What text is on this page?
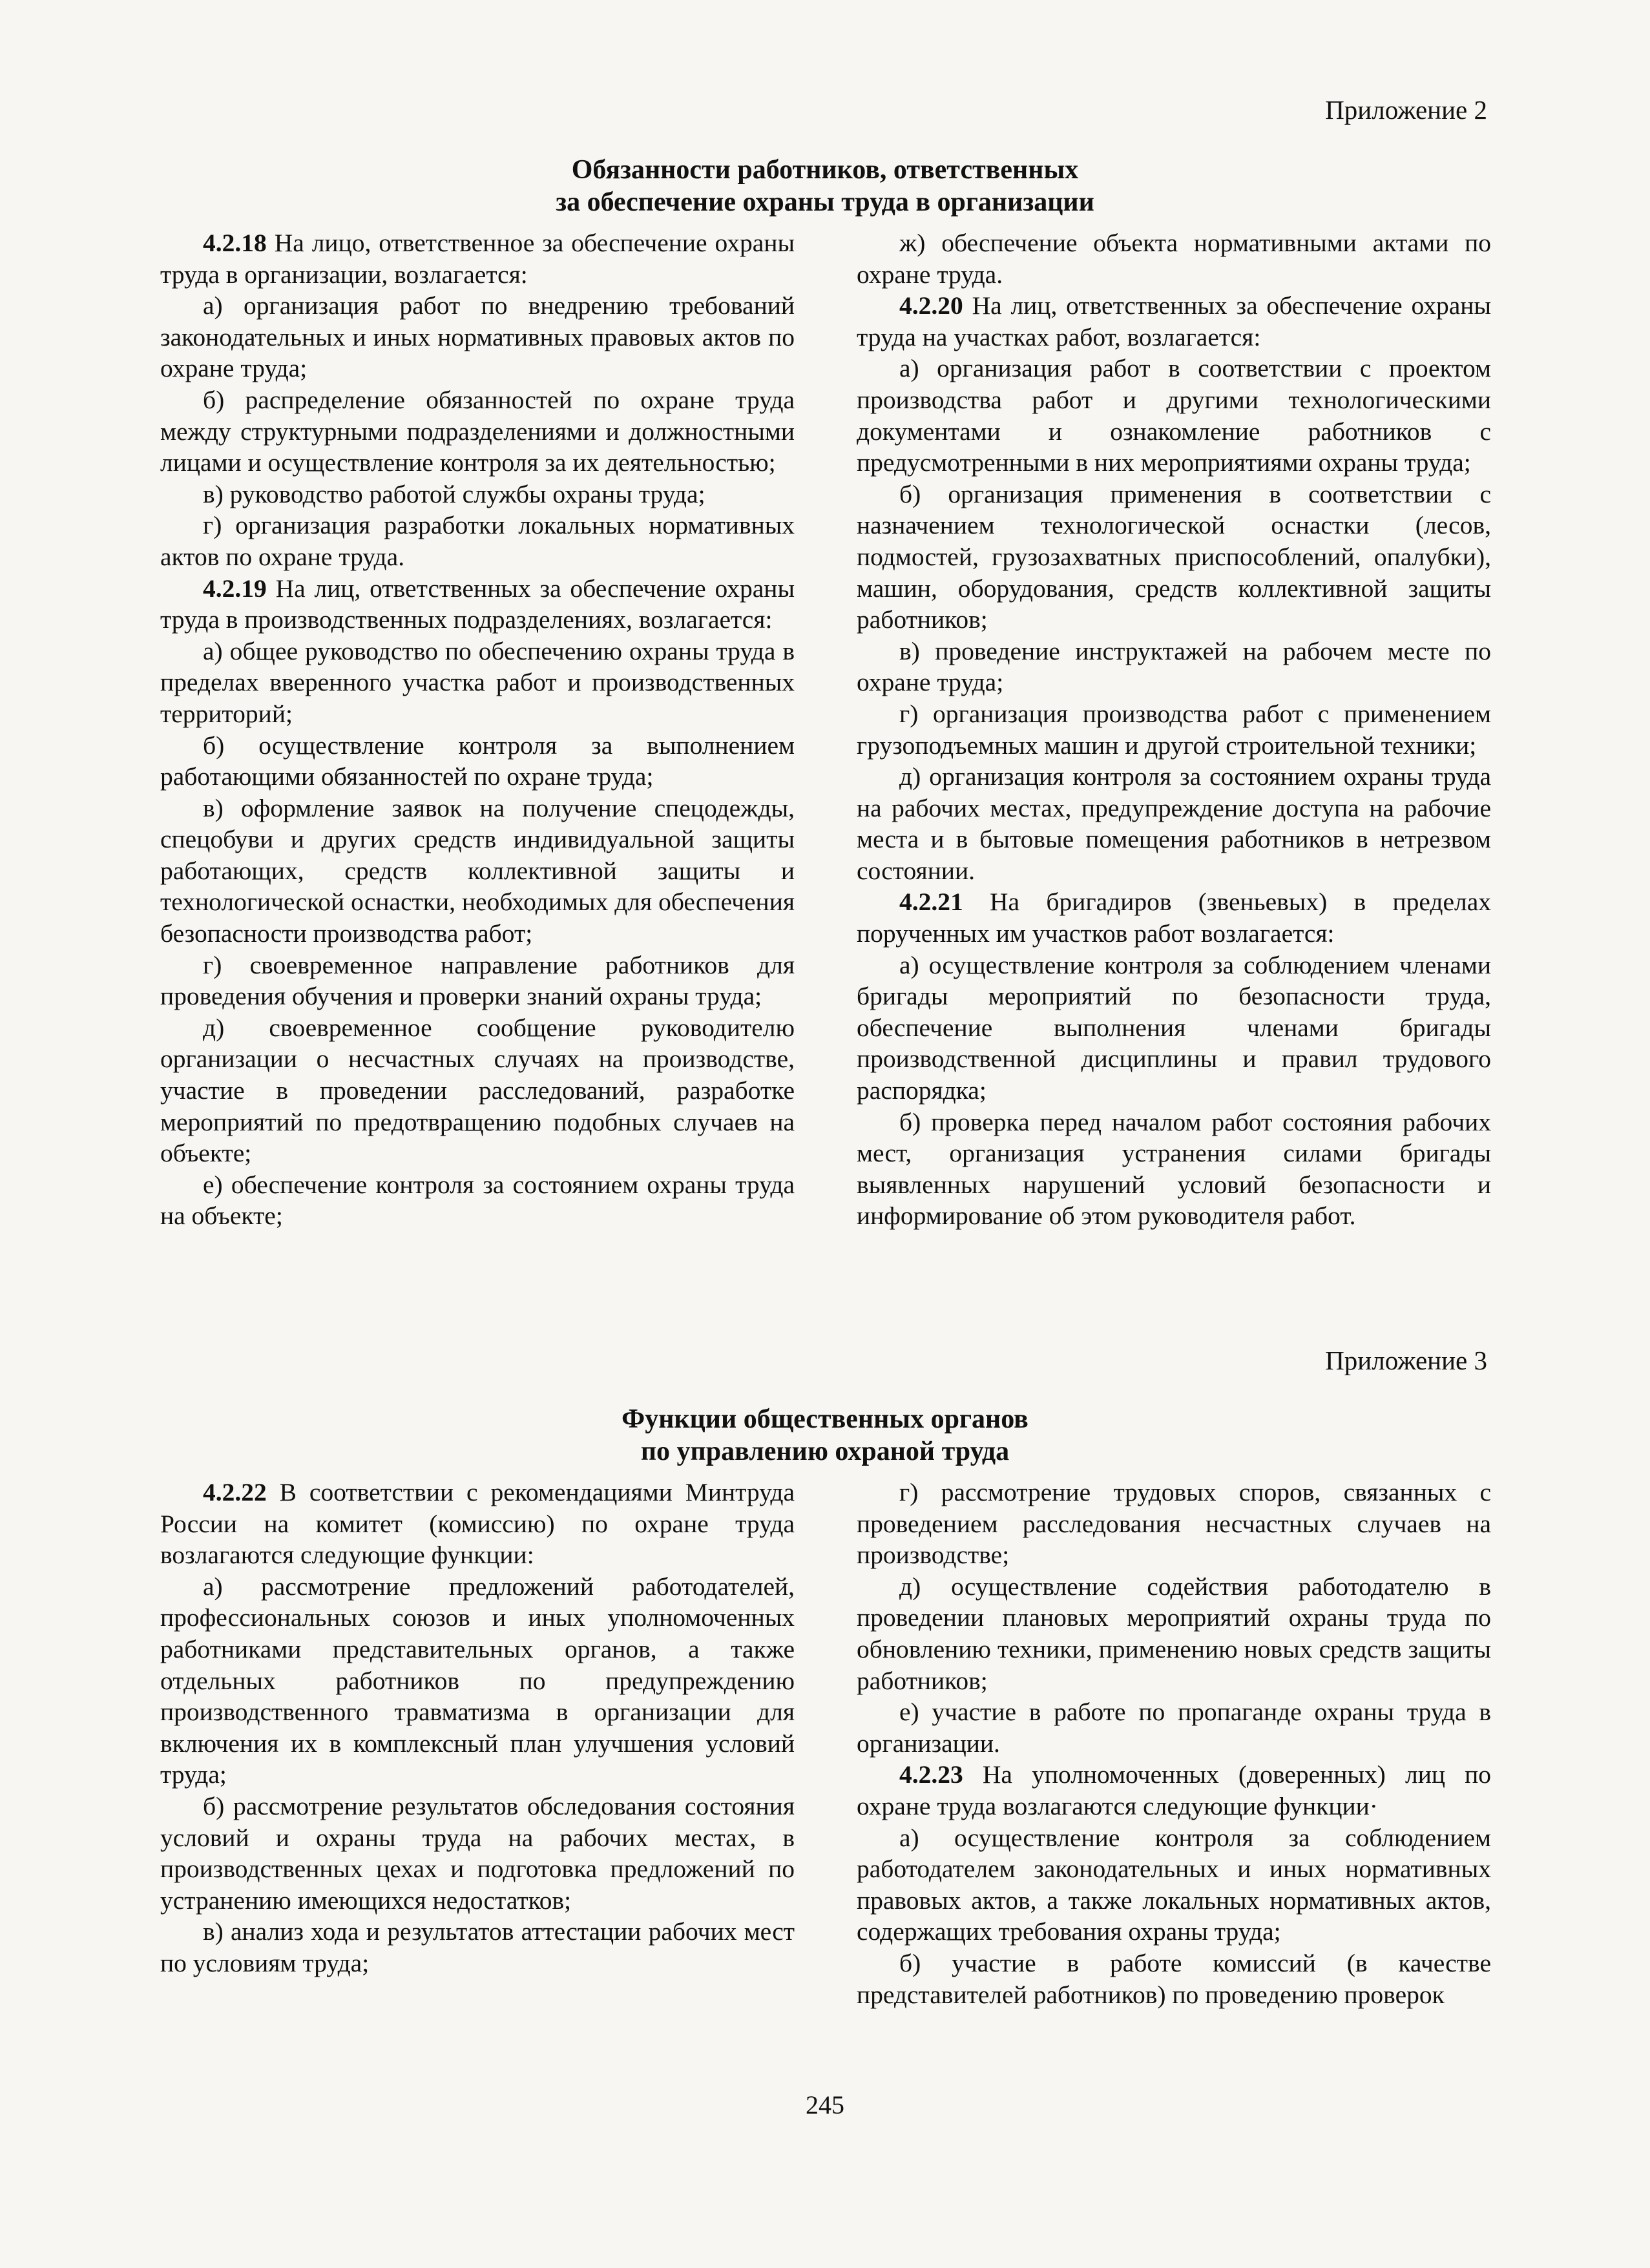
Приложение 2
Обязанности работников, ответственных
за обеспечение охраны труда в организации

4.2.18 На лицо, ответственное за обеспечение охраны труда в организации, возлагается:

а) организация работ по внедрению требований законодательных и иных нормативных правовых актов по охране труда;

б) распределение обязанностей по охране труда между структурными подразделениями и должностными лицами и осуществление контроля за их деятельностью;

в) руководство работой службы охраны труда;

г) организация разработки локальных нормативных актов по охране труда.

4.2.19 На лиц, ответственных за обеспечение охраны труда в производственных подразделениях, возлагается:

а) общее руководство по обеспечению охраны труда в пределах вверенного участка работ и производственных территорий;

б) осуществление контроля за выполнением работающими обязанностей по охране труда;

в) оформление заявок на получение спецодежды, спецобуви и других средств индивидуальной защиты работающих, средств коллективной защиты и технологической оснастки, необходимых для обеспечения безопасности производства работ;

г) своевременное направление работников для проведения обучения и проверки знаний охраны труда;

д) своевременное сообщение руководителю организации о несчастных случаях на производстве, участие в проведении расследований, разработке мероприятий по предотвращению подобных случаев на объекте;

е) обеспечение контроля за состоянием охраны труда на объекте;

ж) обеспечение объекта нормативными актами по охране труда.

4.2.20 На лиц, ответственных за обеспечение охраны труда на участках работ, возлагается:

а) организация работ в соответствии с проектом производства работ и другими технологическими документами и ознакомление работников с предусмотренными в них мероприятиями охраны труда;

б) организация применения в соответствии с назначением технологической оснастки (лесов, подмостей, грузозахватных приспособлений, опалубки), машин, оборудования, средств коллективной защиты работников;

в) проведение инструктажей на рабочем месте по охране труда;

г) организация производства работ с применением грузоподъемных машин и другой строительной техники;

д) организация контроля за состоянием охраны труда на рабочих местах, предупреждение доступа на рабочие места и в бытовые помещения работников в нетрезвом состоянии.

4.2.21 На бригадиров (звеньевых) в пределах порученных им участков работ возлагается:

а) осуществление контроля за соблюдением членами бригады мероприятий по безопасности труда, обеспечение выполнения членами бригады производственной дисциплины и правил трудового распорядка;

б) проверка перед началом работ состояния рабочих мест, организация устранения силами бригады выявленных нарушений условий безопасности и информирование об этом руководителя работ.

Приложение 3
Функции общественных органов
по управлению охраной труда

4.2.22 В соответствии с рекомендациями Минтруда России на комитет (комиссию) по охране труда возлагаются следующие функции:

а) рассмотрение предложений работодателей, профессиональных союзов и иных уполномоченных работниками представительных органов, а также отдельных работников по предупреждению производственного травматизма в организации для включения их в комплексный план улучшения условий труда;

б) рассмотрение результатов обследования состояния условий и охраны труда на рабочих местах, в производственных цехах и подготовка предложений по устранению имеющихся недостатков;

в) анализ хода и результатов аттестации рабочих мест по условиям труда;

г) рассмотрение трудовых споров, связанных с проведением расследования несчастных случаев на производстве;

д) осуществление содействия работодателю в проведении плановых мероприятий охраны труда по обновлению техники, применению новых средств защиты работников;

е) участие в работе по пропаганде охраны труда в организации.

4.2.23 На уполномоченных (доверенных) лиц по охране труда возлагаются следующие функции·

а) осуществление контроля за соблюдением работодателем законодательных и иных нормативных правовых актов, а также локальных нормативных актов, содержащих требования охраны труда;

б) участие в работе комиссий (в качестве представителей работников) по проведению проверок

245
